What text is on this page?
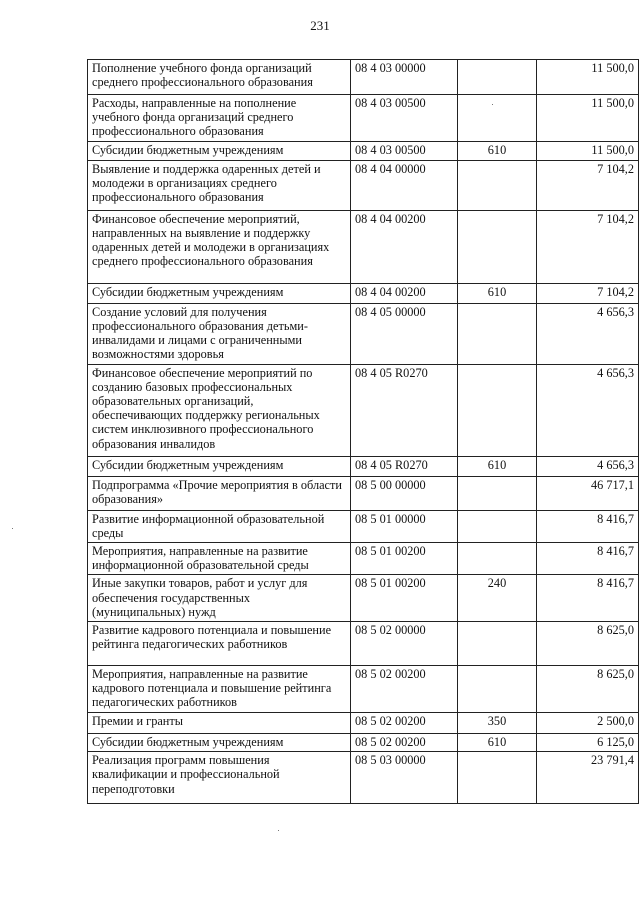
231
Пополнение учебного фонда организаций среднего профессионального образования	08 4 03 00000		11 500,0
Расходы, направленные на пополнение учебного фонда организаций среднего профессионального образования	08 4 03 00500		11 500,0
Субсидии бюджетным учреждениям	08 4 03 00500	610	11 500,0
Выявление и поддержка одаренных детей и молодежи в организациях среднего профессионального образования	08 4 04 00000		7 104,2
Финансовое обеспечение мероприятий, направленных на выявление и поддержку одаренных детей и молодежи в организациях среднего профессионального образования	08 4 04 00200		7 104,2
Субсидии бюджетным учреждениям	08 4 04 00200	610	7 104,2
Создание условий для получения профессионального образования детьми-инвалидами и лицами с ограниченными возможностями здоровья	08 4 05 00000		4 656,3
Финансовое обеспечение мероприятий по созданию базовых профессиональных образовательных организаций, обеспечивающих поддержку региональных систем инклюзивного профессионального образования инвалидов	08 4 05 R0270		4 656,3
Субсидии бюджетным учреждениям	08 4 05 R0270	610	4 656,3
Подпрограмма «Прочие мероприятия в области образования»	08 5 00 00000		46 717,1
Развитие информационной образовательной среды	08 5 01 00000		8 416,7
Мероприятия, направленные на развитие информационной образовательной среды	08 5 01 00200		8 416,7
Иные закупки товаров, работ и услуг для обеспечения государственных (муниципальных) нужд	08 5 01 00200	240	8 416,7
Развитие кадрового потенциала и повышение рейтинга педагогических работников	08 5 02 00000		8 625,0
Мероприятия, направленные на развитие кадрового потенциала и повышение рейтинга педагогических работников	08 5 02 00200		8 625,0
Премии и гранты	08 5 02 00200	350	2 500,0
Субсидии бюджетным учреждениям	08 5 02 00200	610	6 125,0
Реализация программ повышения квалификации и профессиональной переподготовки	08 5 03 00000		23 791,4
